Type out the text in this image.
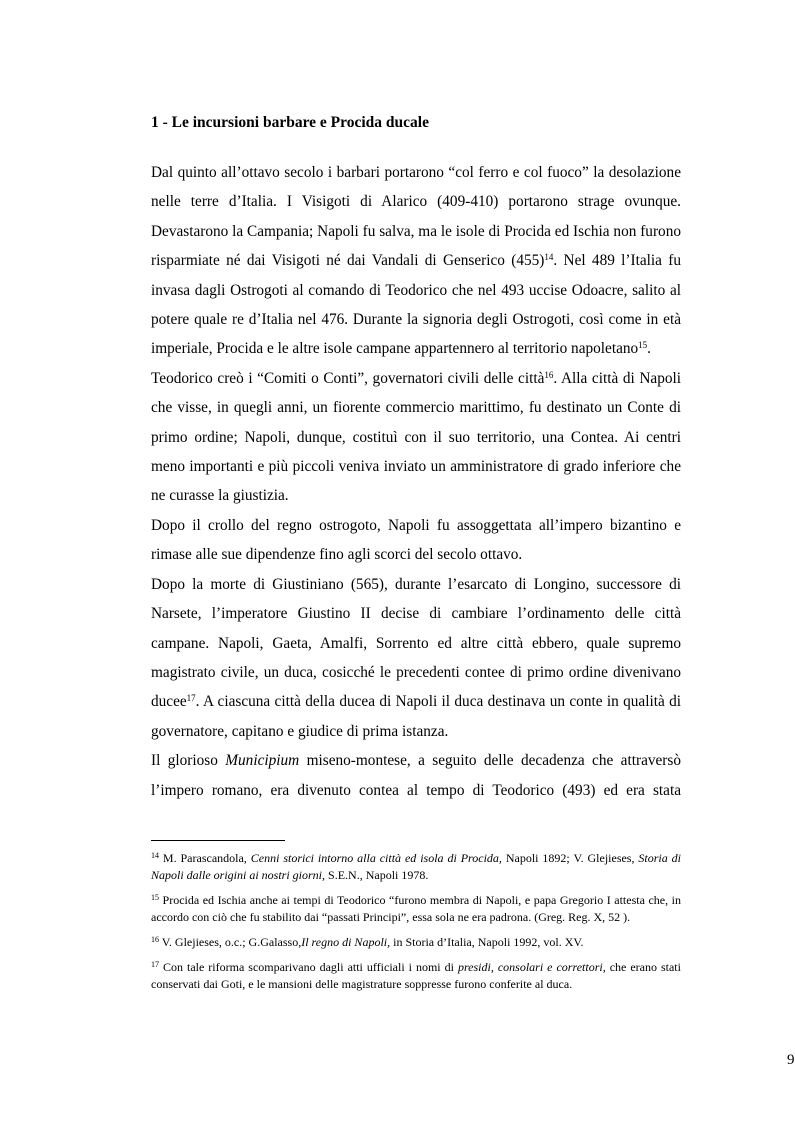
1 - Le incursioni barbare e Procida ducale

Dal quinto all’ottavo secolo i barbari portarono “col ferro e col fuoco” la desolazione nelle terre d’Italia. I Visigoti di Alarico (409-410) portarono strage ovunque. Devastarono la Campania; Napoli fu salva, ma le isole di Procida ed Ischia non furono risparmiate né dai Visigoti né dai Vandali di Genserico $(455)^{14}$. Nel 489 l’Italia fu invasa dagli Ostrogoti al comando di Teodorico che nel 493 uccise Odoacre, salito al potere quale re d’Italia nel 476. Durante la signoria degli Ostrogoti, così come in età imperiale, Procida e le altre isole campane appartennero al territorio napoletano$^{15}$.

Teodorico creò i “Comiti o Conti”, governatori civili delle città$^{16}$. Alla città di Napoli che visse, in quegli anni, un fiorente commercio marittimo, fu destinato un Conte di primo ordine; Napoli, dunque, costituì con il suo territorio, una Contea. Ai centri meno importanti e più piccoli veniva inviato un amministratore di grado inferiore che ne curasse la giustizia.

Dopo il crollo del regno ostrogoto, Napoli fu assoggettata all’impero bizantino e rimase alle sue dipendenze fino agli scorci del secolo ottavo.

Dopo la morte di Giustiniano (565), durante l’esarcato di Longino, successore di Narsete, l’imperatore Giustino II decise di cambiare l’ordinamento delle città campane. Napoli, Gaeta, Amalfi, Sorrento ed altre città ebbero, quale supremo magistrato civile, un duca, cosicché le precedenti contee di primo ordine divenivano ducee$^{17}$. A ciascuna città della ducea di Napoli il duca destinava un conte in qualità di governatore, capitano e giudice di prima istanza.

Il glorioso Municipium miseno-montese, a seguito delle decadenza che attraversò l’impero romano, era divenuto contea al tempo di Teodorico (493) ed era stata

$^{14}$ M. Parascandola, Cenni storici intorno alla città ed isola di Procida, Napoli 1892; V. Glejieses, Storia di Napoli dalle origini ai nostri giorni, S.E.N., Napoli 1978.

$^{15}$ Procida ed Ischia anche ai tempi di Teodorico “furono membra di Napoli, e papa Gregorio I attesta che, in accordo con ciò che fu stabilito dai “passati Principi”, essa sola ne era padrona. (Greg. Reg. X, 52 ).

$^{16}$ V. Glejieses, o.c.; G.Galasso,Il regno di Napoli, in Storia d’Italia, Napoli 1992, vol. XV.

$^{17}$ Con tale riforma scomparivano dagli atti ufficiali i nomi di presidi, consolari e correttori, che erano stati conservati dai Goti, e le mansioni delle magistrature soppresse furono conferite al duca.

9
